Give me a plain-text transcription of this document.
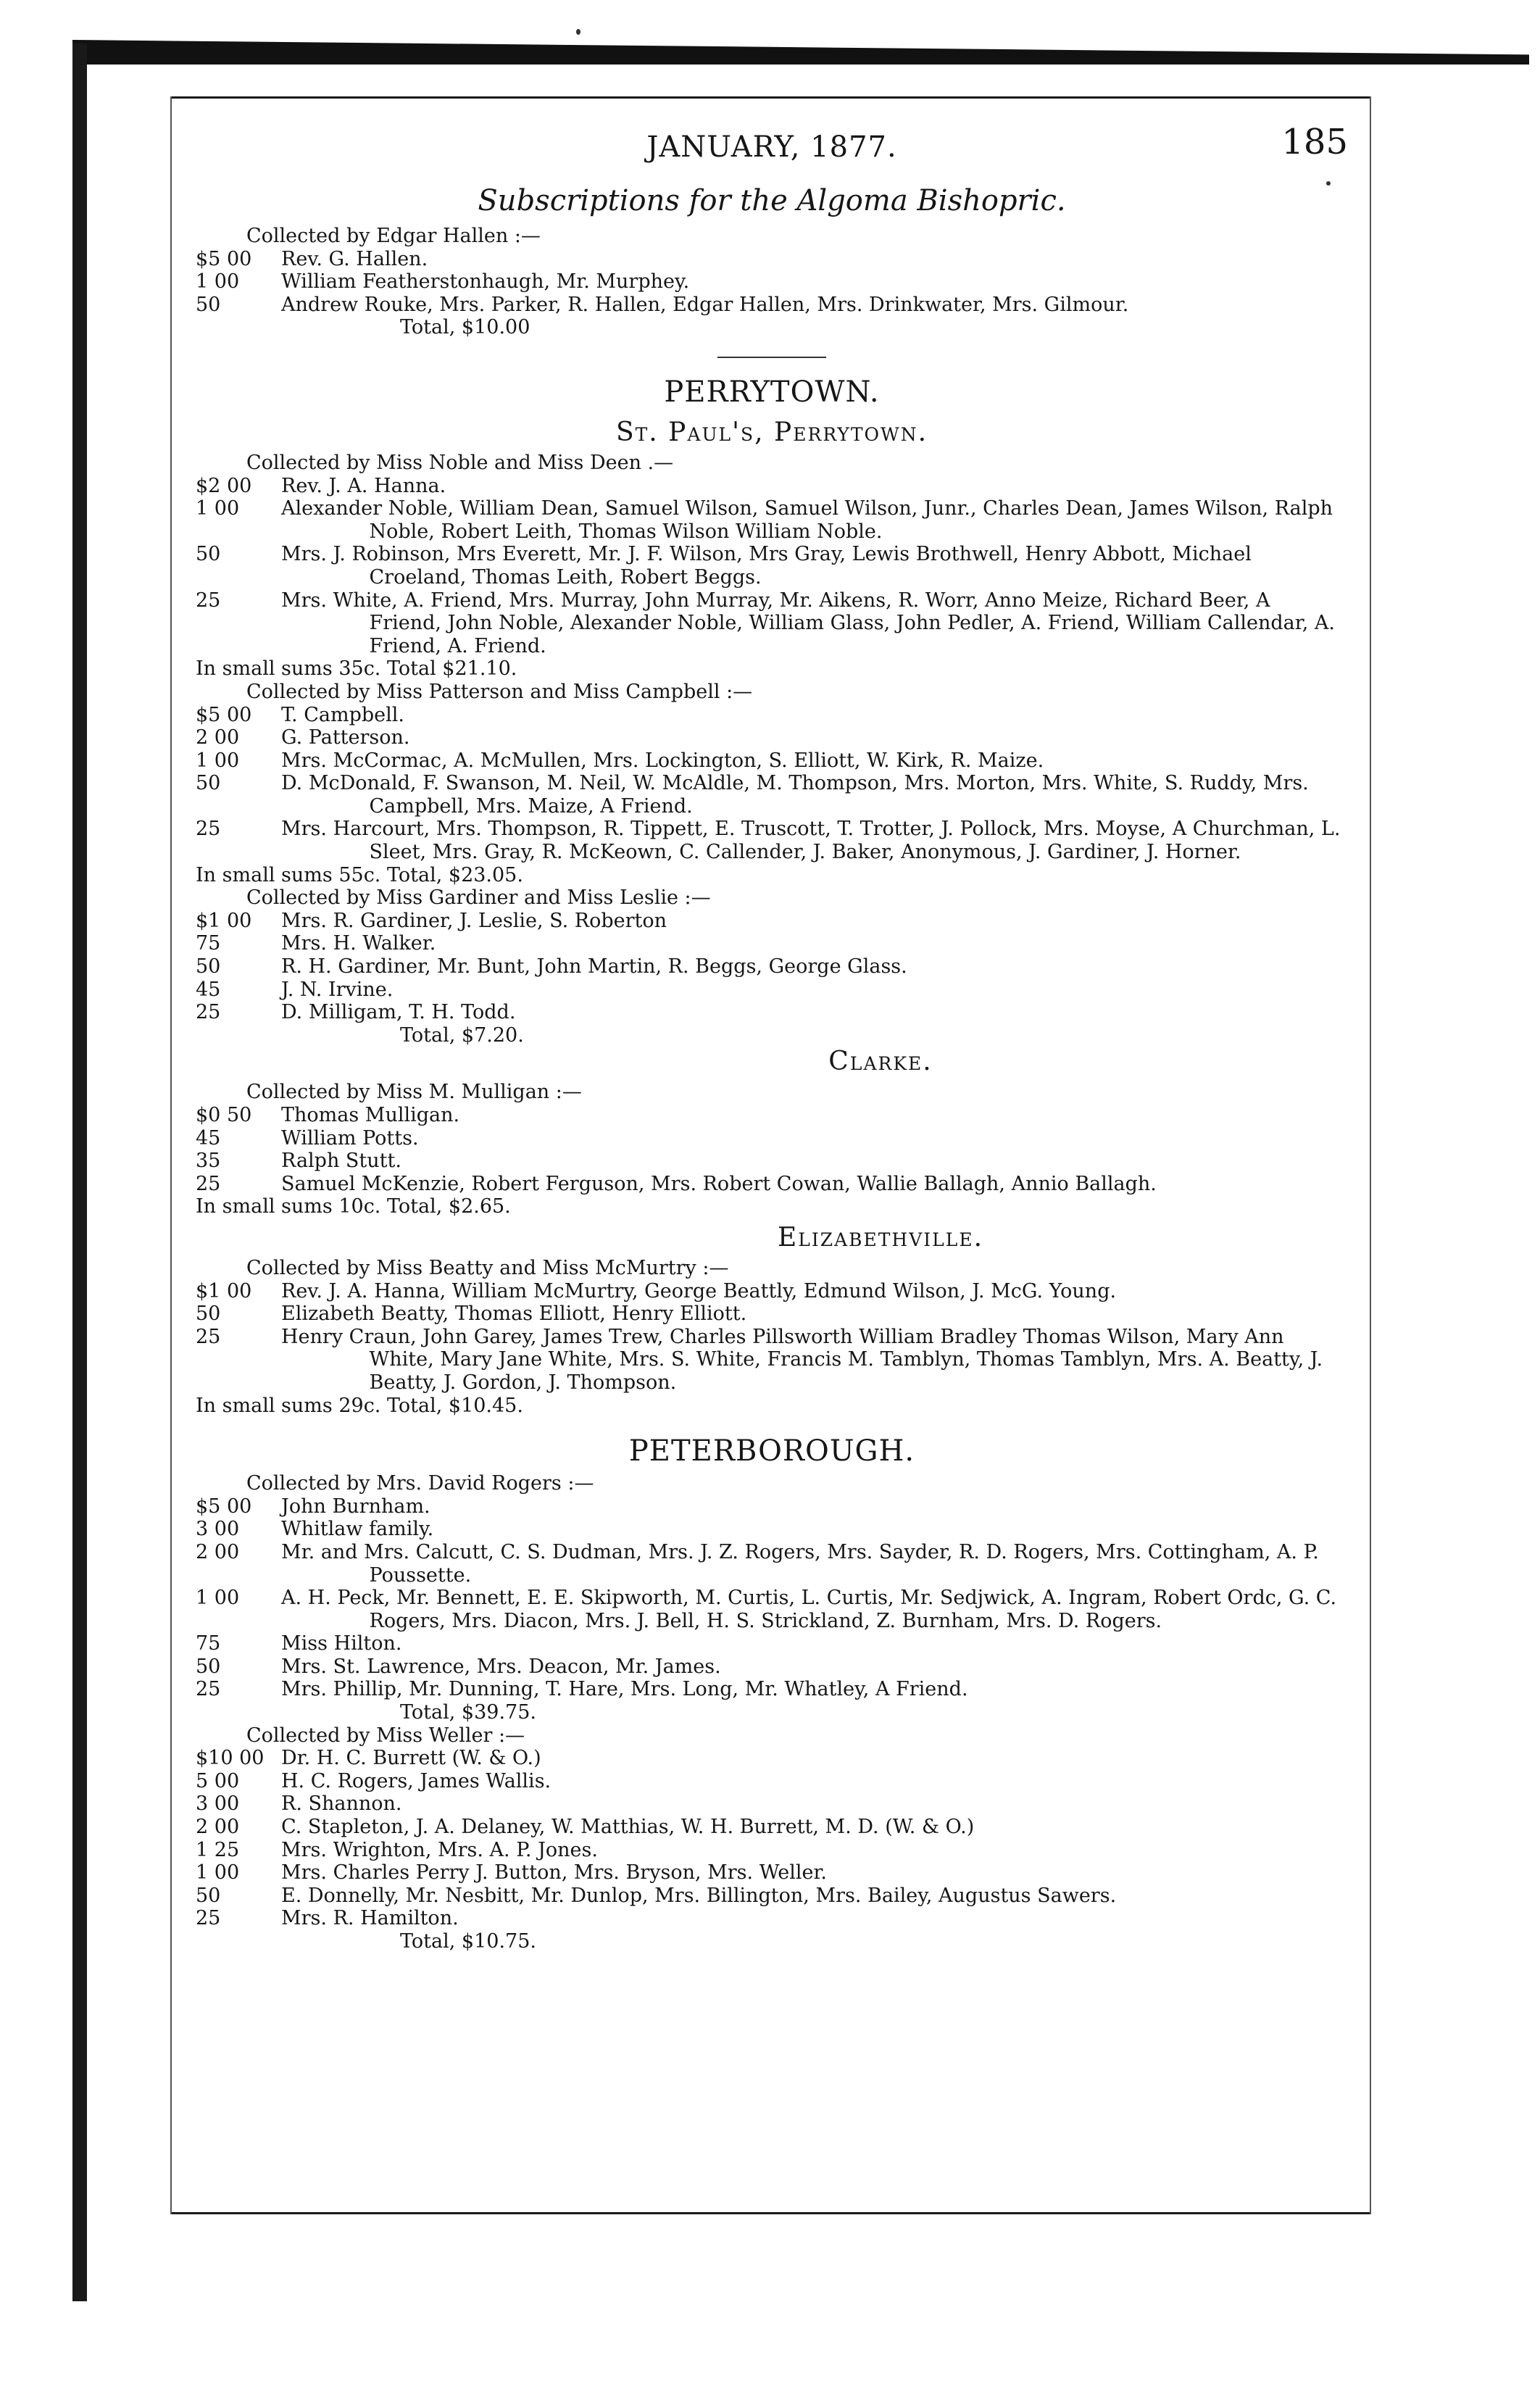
JANUARY, 1877.	185
Subscriptions for the Algoma Bishopric.
Collected by Edgar Hallen :—
$5 00	Rev. G. Hallen.
1 00	William Featherstonhaugh, Mr. Murphey.
50	Andrew Rouke, Mrs. Parker, R. Hallen, Edgar Hallen, Mrs. Drinkwater, Mrs. Gilmour.
Total, $10.00
PERRYTOWN.
St. Paul's, Perrytown.
Collected by Miss Noble and Miss Deen .—
$2 00	Rev. J. A. Hanna.
1 00	Alexander Noble, William Dean, Samuel Wilson, Samuel Wilson, Junr., Charles Dean, James Wilson, Ralph Noble, Robert Leith, Thomas Wilson William Noble.
50	Mrs. J. Robinson, Mrs Everett, Mr. J. F. Wilson, Mrs Gray, Lewis Brothwell, Henry Abbott, Michael Croeland, Thomas Leith, Robert Beggs.
25	Mrs. White, A. Friend, Mrs. Murray, John Murray, Mr. Aikens, R. Worr, Anno Meize, Richard Beer, A Friend, John Noble, Alexander Noble, William Glass, John Pedler, A. Friend, William Callendar, A. Friend, A. Friend.
In small sums 35c. Total $21.10.
Collected by Miss Patterson and Miss Campbell :—
$5 00	T. Campbell.
2 00	G. Patterson.
1 00	Mrs. McCormac, A. McMullen, Mrs. Lockington, S. Elliott, W. Kirk, R. Maize.
50	D. McDonald, F. Swanson, M. Neil, W. McAldle, M. Thompson, Mrs. Morton, Mrs. White, S. Ruddy, Mrs. Campbell, Mrs. Maize, A Friend.
25	Mrs. Harcourt, Mrs. Thompson, R. Tippett, E. Truscott, T. Trotter, J. Pollock, Mrs. Moyse, A Churchman, L. Sleet, Mrs. Gray, R. McKeown, C. Callender, J. Baker, Anonymous, J. Gardiner, J. Horner.
In small sums 55c. Total, $23.05.
Collected by Miss Gardiner and Miss Leslie :—
$1 00	Mrs. R. Gardiner, J. Leslie, S. Roberton
75	Mrs. H. Walker.
50	R. H. Gardiner, Mr. Bunt, John Martin, R. Beggs, George Glass.
45	J. N. Irvine.
25	D. Milligam, T. H. Todd.
Total, $7.20.
Clarke.
Collected by Miss M. Mulligan :—
$0 50	Thomas Mulligan.
45	William Potts.
35	Ralph Stutt.
25	Samuel McKenzie, Robert Ferguson, Mrs. Robert Cowan, Wallie Ballagh, Annio Ballagh.
In small sums 10c. Total, $2.65.
Elizabethville.
Collected by Miss Beatty and Miss McMurtry :—
$1 00	Rev. J. A. Hanna, William McMurtry, George Beattly, Edmund Wilson, J. McG. Young.
50	Elizabeth Beatty, Thomas Elliott, Henry Elliott.
25	Henry Craun, John Garey, James Trew, Charles Pillsworth William Bradley Thomas Wilson, Mary Ann White, Mary Jane White, Mrs. S. White, Francis M. Tamblyn, Thomas Tamblyn, Mrs. A. Beatty, J. Beatty, J. Gordon, J. Thompson.
In small sums 29c. Total, $10.45.
PETERBOROUGH.
Collected by Mrs. David Rogers :—
$5 00	John Burnham.
3 00	Whitlaw family.
2 00	Mr. and Mrs. Calcutt, C. S. Dudman, Mrs. J. Z. Rogers, Mrs. Sayder, R. D. Rogers, Mrs. Cottingham, A. P. Poussette.
1 00	A. H. Peck, Mr. Bennett, E. E. Skipworth, M. Curtis, L. Curtis, Mr. Sedjwick, A. Ingram, Robert Ordc, G. C. Rogers, Mrs. Diacon, Mrs. J. Bell, H. S. Strickland, Z. Burnham, Mrs. D. Rogers.
75	Miss Hilton.
50	Mrs. St. Lawrence, Mrs. Deacon, Mr. James.
25	Mrs. Phillip, Mr. Dunning, T. Hare, Mrs. Long, Mr. Whatley, A Friend.
Total, $39.75.
Collected by Miss Weller :—
$10 00 Dr. H. C. Burrett (W. & O.)
5 00	H. C. Rogers, James Wallis.
3 00	R. Shannon.
2 00	C. Stapleton, J. A. Delaney, W. Matthias, W. H. Burrett, M. D. (W. & O.)
1 25	Mrs. Wrighton, Mrs. A. P. Jones.
1 00	Mrs. Charles Perry J. Button, Mrs. Bryson, Mrs. Weller.
50	E. Donnelly, Mr. Nesbitt, Mr. Dunlop, Mrs. Billington, Mrs. Bailey, Augustus Sawers.
25	Mrs. R. Hamilton.
Total, $10.75.
